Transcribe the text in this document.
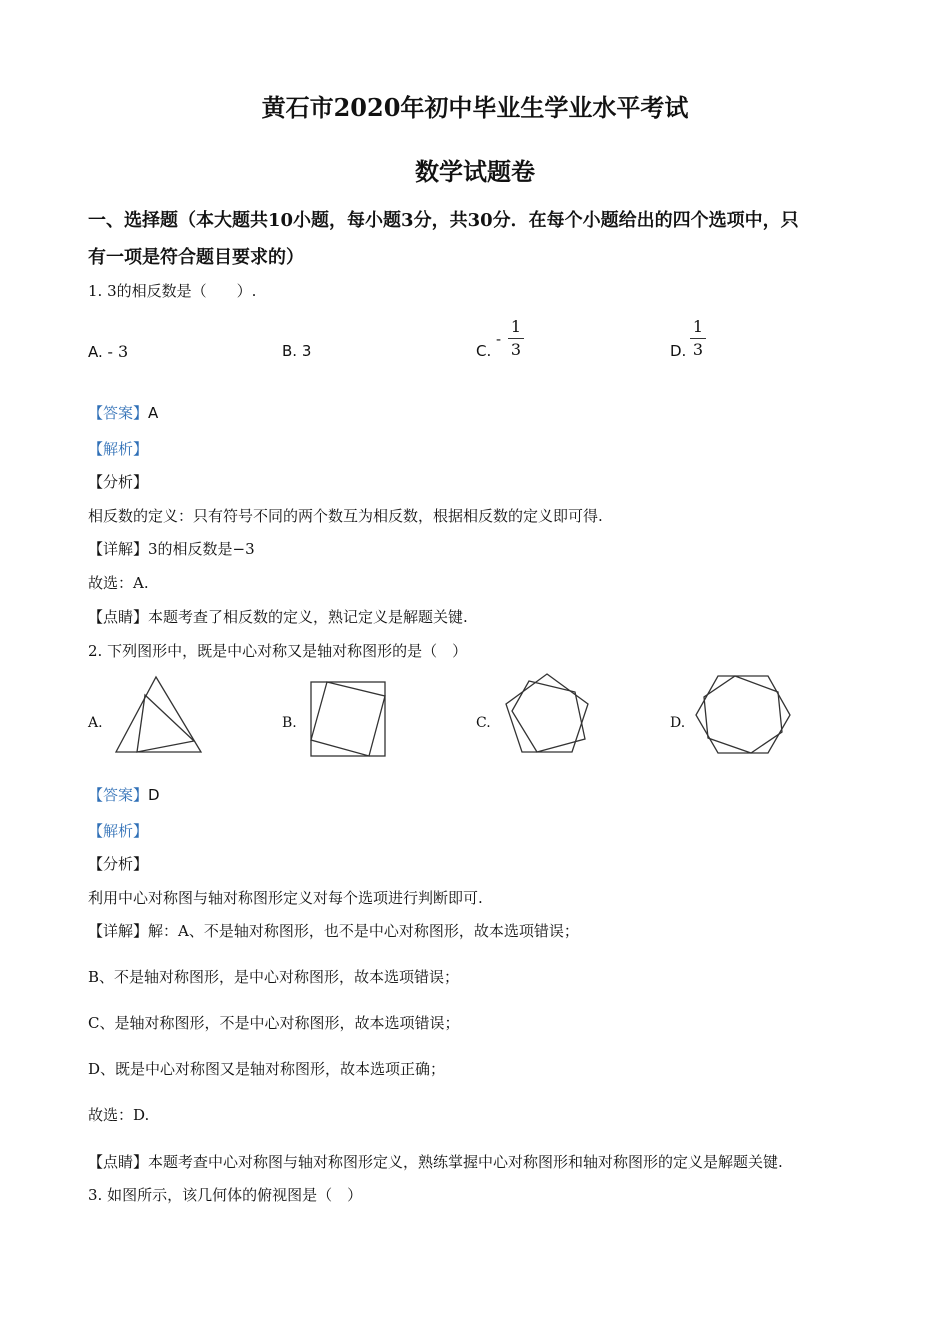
黄石市2020年初中毕业生学业水平考试
数学试题卷
一、选择题（本大题共10小题，每小题3分，共30分．在每个小题给出的四个选项中，只
有一项是符合题目要求的）
1. 3的相反数是（　　）.
A. - 3	B. 3	C.
-
1
3	D.
1
3
【答案】A
【解析】
【分析】
相反数的定义：只有符号不同的两个数互为相反数，根据相反数的定义即可得.
【详解】3的相反数是−3
故选：A.
【点睛】本题考查了相反数的定义，熟记定义是解题关键.
2. 下列图形中，既是中心对称又是轴对称图形的是（　）
A.	B.	C.	D.
【答案】D
【解析】
【分析】
利用中心对称图与轴对称图形定义对每个选项进行判断即可.
【详解】解：A、不是轴对称图形，也不是中心对称图形，故本选项错误；
B、不是轴对称图形，是中心对称图形，故本选项错误；
C、是轴对称图形，不是中心对称图形，故本选项错误；
D、既是中心对称图又是轴对称图形，故本选项正确；
故选：D.
【点睛】本题考查中心对称图与轴对称图形定义，熟练掌握中心对称图形和轴对称图形的定义是解题关键.
3. 如图所示，该几何体的俯视图是（　）
